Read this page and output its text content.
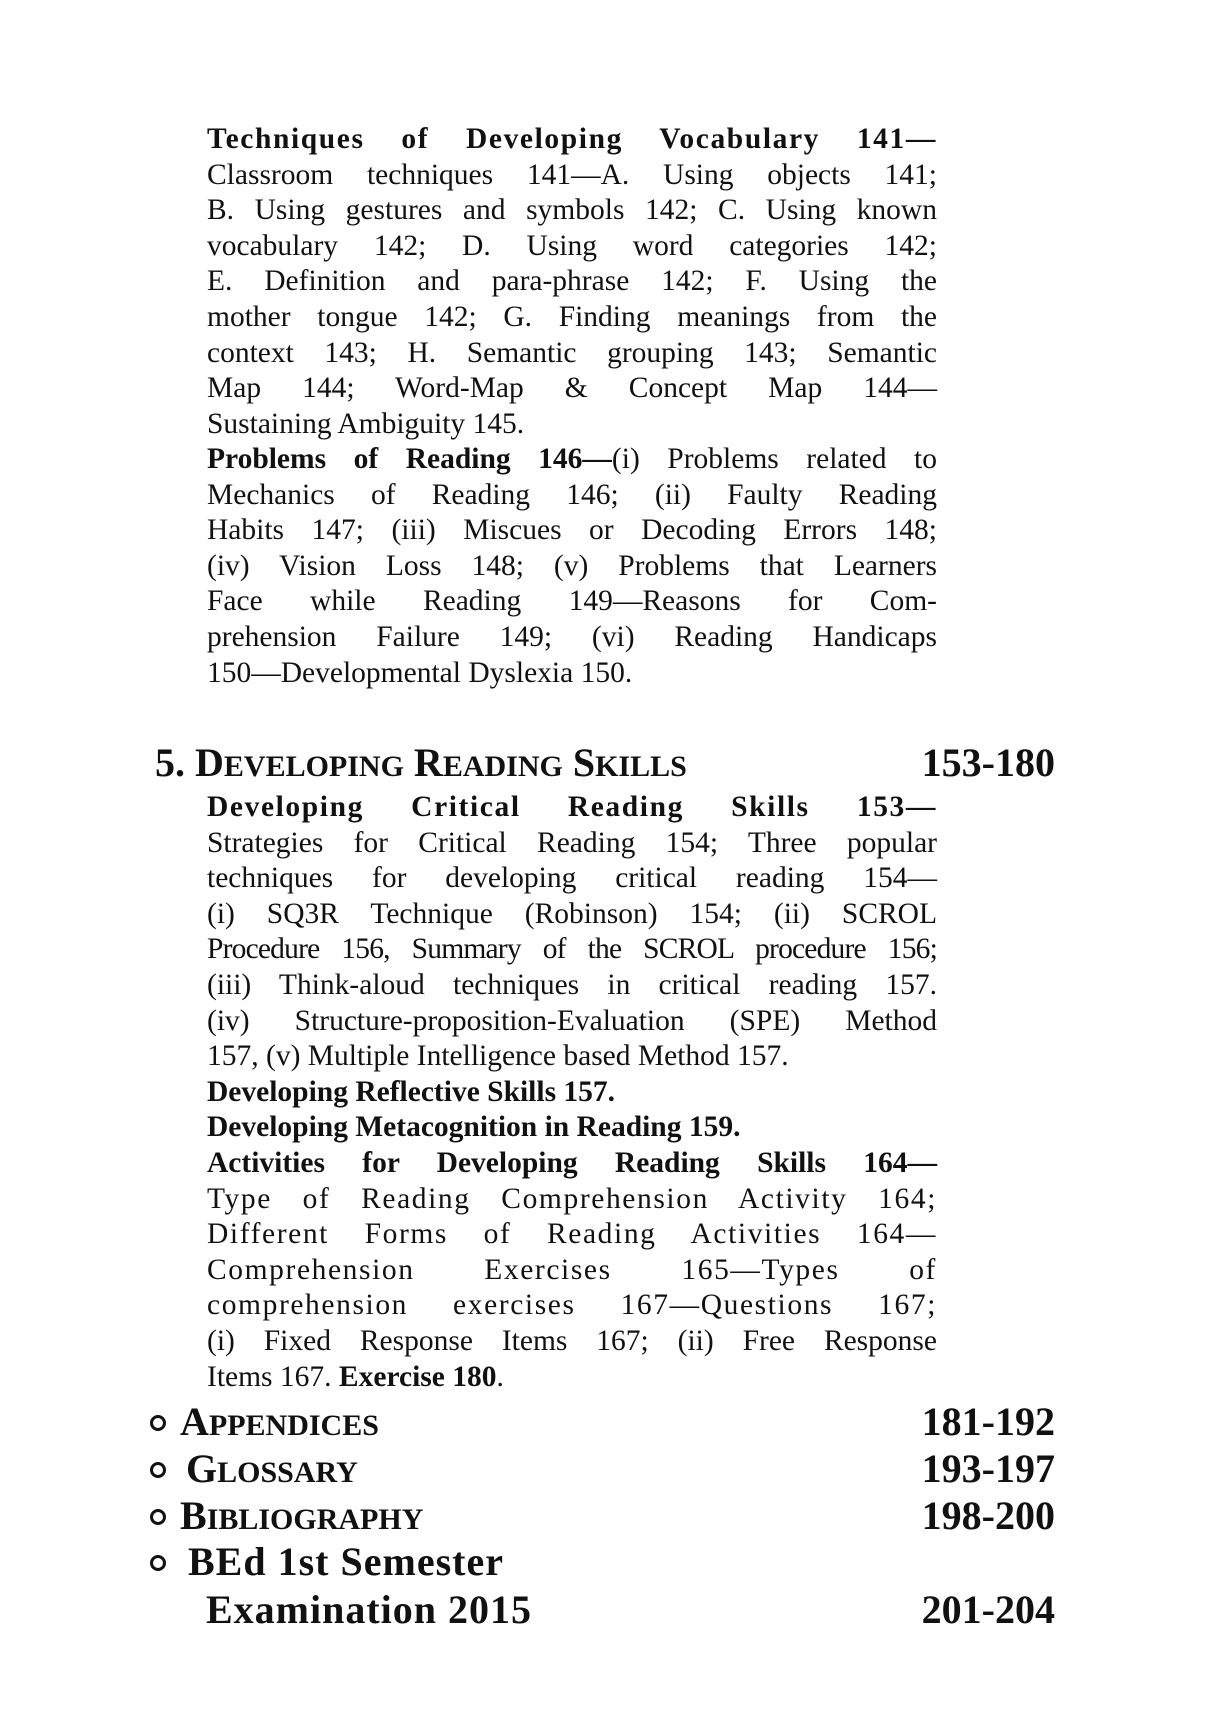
Techniques of Developing Vocabulary 141—
Classroom techniques 141—A. Using objects 141;
B. Using gestures and symbols 142; C. Using known
vocabulary 142; D. Using word categories 142;
E. Definition and para-phrase 142; F. Using the
mother tongue 142; G. Finding meanings from the
context 143; H. Semantic grouping 143; Semantic
Map 144; Word-Map & Concept Map 144—
Sustaining Ambiguity 145.
Problems of Reading 146—(i) Problems related to
Mechanics of Reading 146; (ii) Faulty Reading
Habits 147; (iii) Miscues or Decoding Errors 148;
(iv) Vision Loss 148; (v) Problems that Learners
Face while Reading 149—Reasons for Com-
prehension Failure 149; (vi) Reading Handicaps
150—Developmental Dyslexia 150.
5. DEVELOPING READING SKILLS	153-180
Developing Critical Reading Skills 153—
Strategies for Critical Reading 154; Three popular
techniques for developing critical reading 154—
(i) SQ3R Technique (Robinson) 154; (ii) SCROL
Procedure 156, Summary of the SCROL procedure 156;
(iii) Think-aloud techniques in critical reading 157.
(iv) Structure-proposition-Evaluation (SPE) Method
157, (v) Multiple Intelligence based Method 157.
Developing Reflective Skills 157.
Developing Metacognition in Reading 159.
Activities for Developing Reading Skills 164—
Type of Reading Comprehension Activity 164;
Different Forms of Reading Activities 164—
Comprehension Exercises 165—Types of
comprehension exercises 167—Questions 167;
(i) Fixed Response Items 167; (ii) Free Response
Items 167. Exercise 180.
APPENDICES	181-192
GLOSSARY	193-197
BIBLIOGRAPHY	198-200
BEd 1st Semester
Examination 2015	201-204
